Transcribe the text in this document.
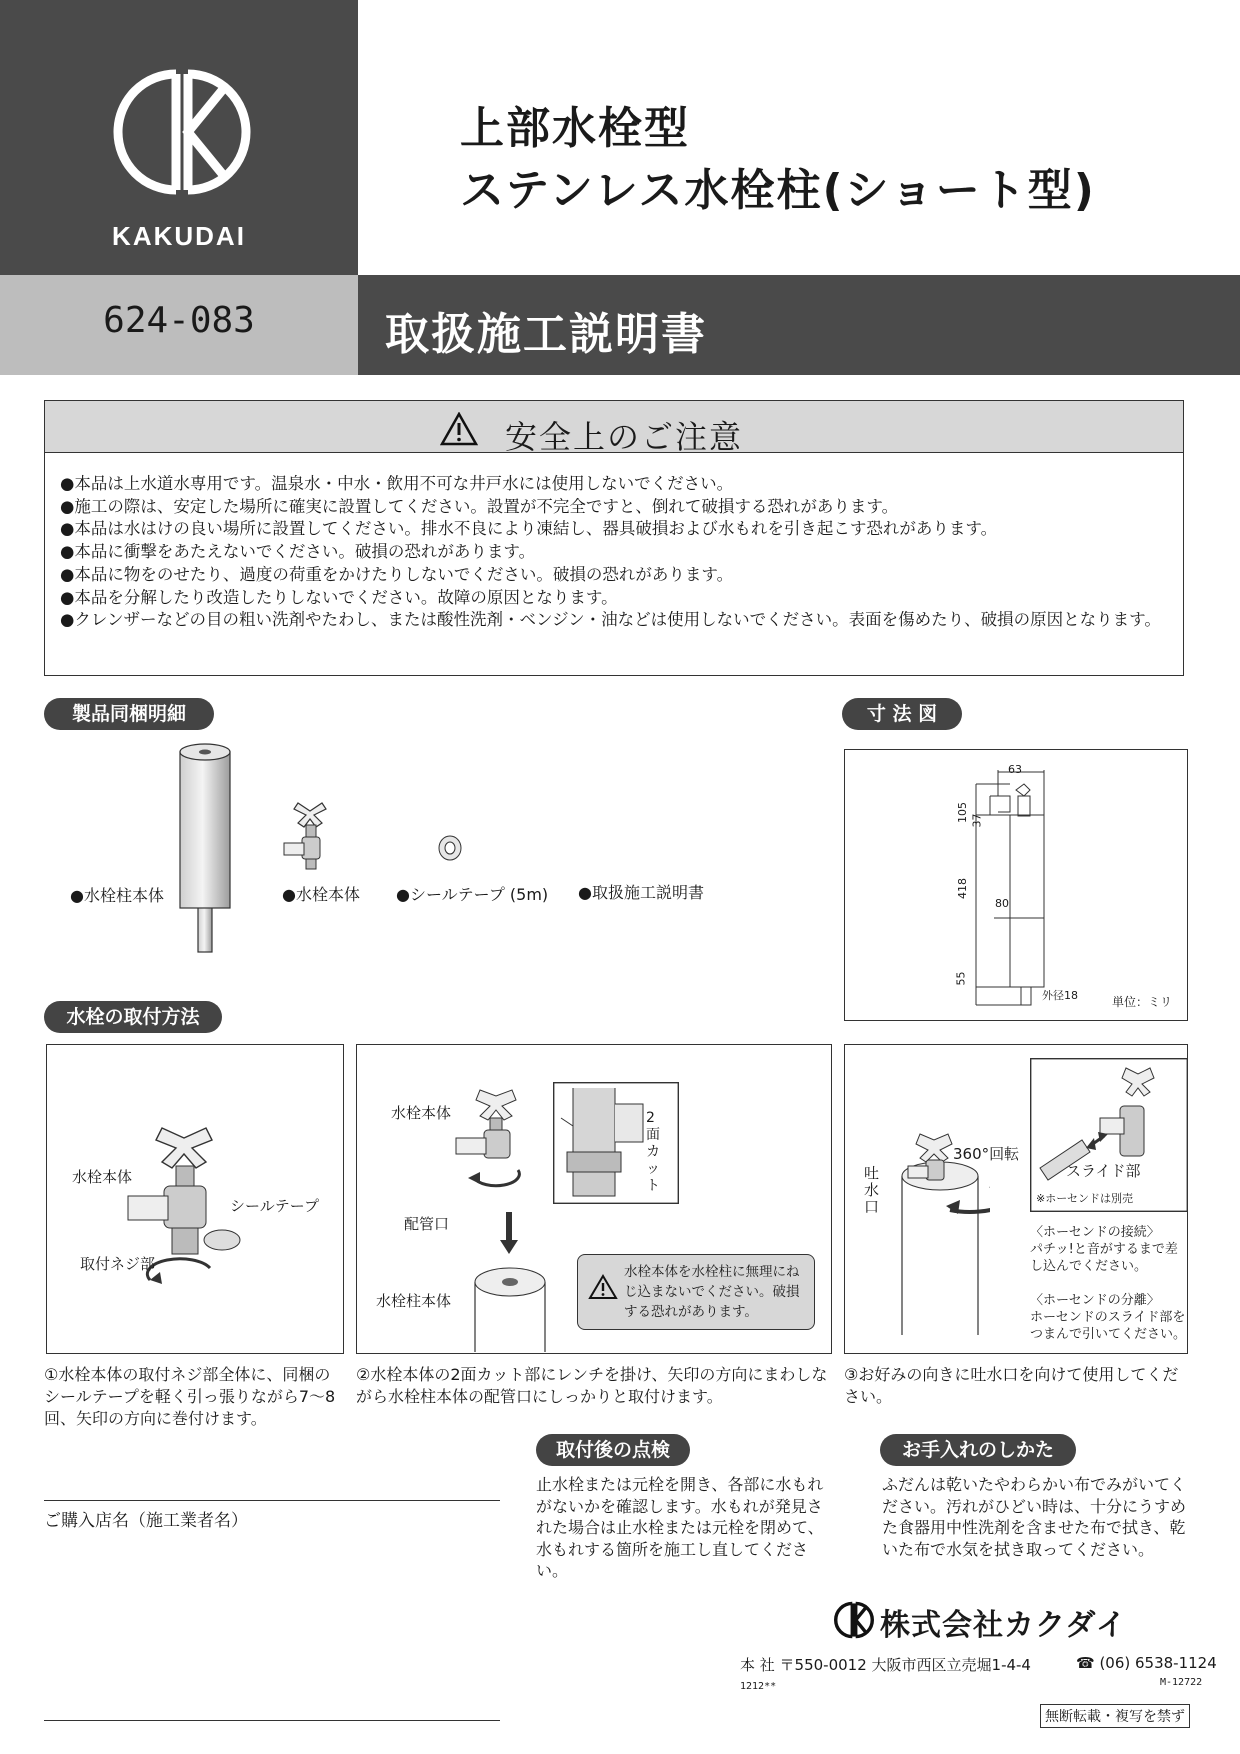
KAKUDAI
上部水栓型
ステンレス水栓柱(ショート型)
624-083	取扱施工説明書
安全上のご注意
●本品は上水道水専用です。温泉水・中水・飲用不可な井戸水には使用しないでください。
●施工の際は、安定した場所に確実に設置してください。設置が不完全ですと、倒れて破損する恐れがあります。
●本品は水はけの良い場所に設置してください。排水不良により凍結し、器具破損および水もれを引き起こす恐れがあります。
●本品に衝撃をあたえないでください。破損の恐れがあります。
●本品に物をのせたり、過度の荷重をかけたりしないでください。破損の恐れがあります。
●本品を分解したり改造したりしないでください。故障の原因となります。
●クレンザーなどの目の粗い洗剤やたわし、または酸性洗剤・ベンジン・油などは使用しないでください。表面を傷めたり、破損の原因となります。
製品同梱明細
●水栓柱本体	●水栓本体 ●シールテープ (5m) ●取扱施工説明書
寸 法 図
63
105 37
418
80
55
外径18	単位：ミリ
水栓の取付方法
水栓本体
シールテープ
取付ネジ部
①水栓本体の取付ネジ部全体に、同梱のシールテープを軽く引っ張りながら7〜8回、矢印の方向に巻付けます。
2面カット
水栓本体
配管口
水栓柱本体
水栓本体を水栓柱に無理にねじ込まないでください。破損する恐れがあります。
②水栓本体の2面カット部にレンチを掛け、矢印の方向にまわしながら水栓柱本体の配管口にしっかりと取付けます。
360°回転
吐水口
スライド部
※ホーセンドは別売
〈ホーセンドの接続〉
パチッ!と音がするまで差し込んでください。
〈ホーセンドの分離〉
ホーセンドのスライド部をつまんで引いてください。
③お好みの向きに吐水口を向けて使用してください。
取付後の点検
止水栓または元栓を開き、各部に水もれがないかを確認します。水もれが発見された場合は止水栓または元栓を閉めて、水もれする箇所を施工し直してください。
お手入れのしかた
ふだんは乾いたやわらかい布でみがいてください。汚れがひどい時は、十分にうすめた食器用中性洗剤を含ませた布で拭き、乾いた布で水気を拭き取ってください。
ご購入店名（施工業者名）
株式会社カクダイ
本 社 〒550-0012 大阪市西区立売堀1-4-4	☎ (06) 6538-1124
M-12722
1212**
無断転載・複写を禁ず
